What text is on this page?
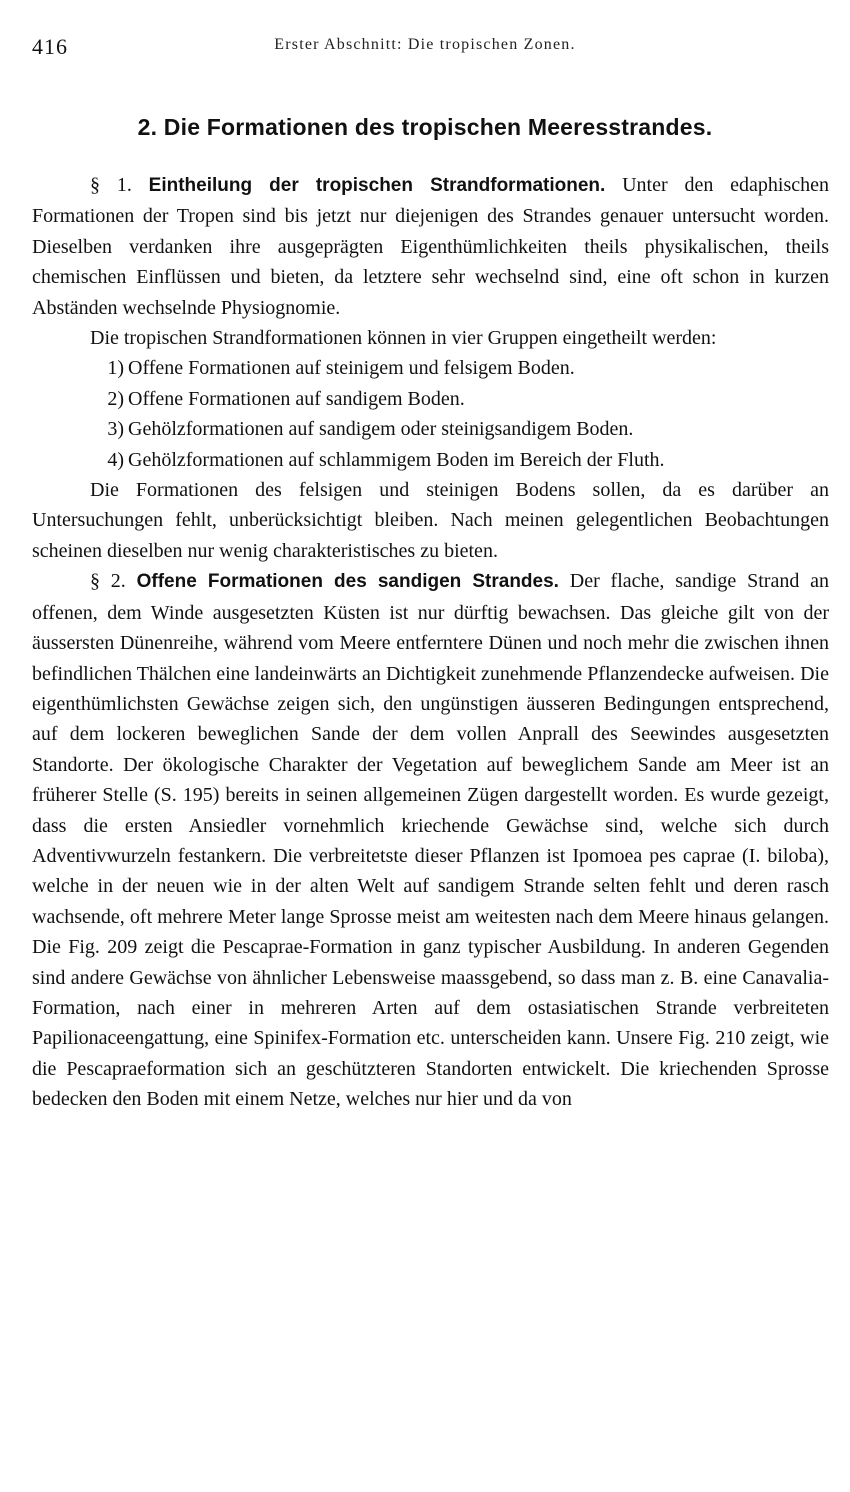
416	Erster Abschnitt: Die tropischen Zonen.
2. Die Formationen des tropischen Meeresstrandes.

§ 1. Eintheilung der tropischen Strandformationen. Unter den edaphischen Formationen der Tropen sind bis jetzt nur diejenigen des Strandes genauer untersucht worden. Dieselben verdanken ihre ausgeprägten Eigenthümlichkeiten theils physikalischen, theils chemischen Einflüssen und bieten, da letztere sehr wechselnd sind, eine oft schon in kurzen Abständen wechselnde Physiognomie.

Die tropischen Strandformationen können in vier Gruppen eingetheilt werden:

1) Offene Formationen auf steinigem und felsigem Boden.
2) Offene Formationen auf sandigem Boden.
3) Gehölzformationen auf sandigem oder steinigsandigem Boden.
4) Gehölzformationen auf schlammigem Boden im Bereich der Fluth.

Die Formationen des felsigen und steinigen Bodens sollen, da es darüber an Untersuchungen fehlt, unberücksichtigt bleiben. Nach meinen gelegentlichen Beobachtungen scheinen dieselben nur wenig charakteristisches zu bieten.

§ 2. Offene Formationen des sandigen Strandes. Der flache, sandige Strand an offenen, dem Winde ausgesetzten Küsten ist nur dürftig bewachsen. Das gleiche gilt von der äussersten Dünenreihe, während vom Meere entferntere Dünen und noch mehr die zwischen ihnen befindlichen Thälchen eine landeinwärts an Dichtigkeit zunehmende Pflanzendecke aufweisen. Die eigenthümlichsten Gewächse zeigen sich, den ungünstigen äusseren Bedingungen entsprechend, auf dem lockeren beweglichen Sande der dem vollen Anprall des Seewindes ausgesetzten Standorte. Der ökologische Charakter der Vegetation auf beweglichem Sande am Meer ist an früherer Stelle (S. 195) bereits in seinen allgemeinen Zügen dargestellt worden. Es wurde gezeigt, dass die ersten Ansiedler vornehmlich kriechende Gewächse sind, welche sich durch Adventivwurzeln festankern. Die verbreitetste dieser Pflanzen ist Ipomoea pes caprae (I. biloba), welche in der neuen wie in der alten Welt auf sandigem Strande selten fehlt und deren rasch wachsende, oft mehrere Meter lange Sprosse meist am weitesten nach dem Meere hinaus gelangen. Die Fig. 209 zeigt die Pescaprae-Formation in ganz typischer Ausbildung. In anderen Gegenden sind andere Gewächse von ähnlicher Lebensweise maassgebend, so dass man z. B. eine Canavalia-Formation, nach einer in mehreren Arten auf dem ostasiatischen Strande verbreiteten Papilionaceengattung, eine Spinifex-Formation etc. unterscheiden kann. Unsere Fig. 210 zeigt, wie die Pescapraeformation sich an geschützteren Standorten entwickelt. Die kriechenden Sprosse bedecken den Boden mit einem Netze, welches nur hier und da von
